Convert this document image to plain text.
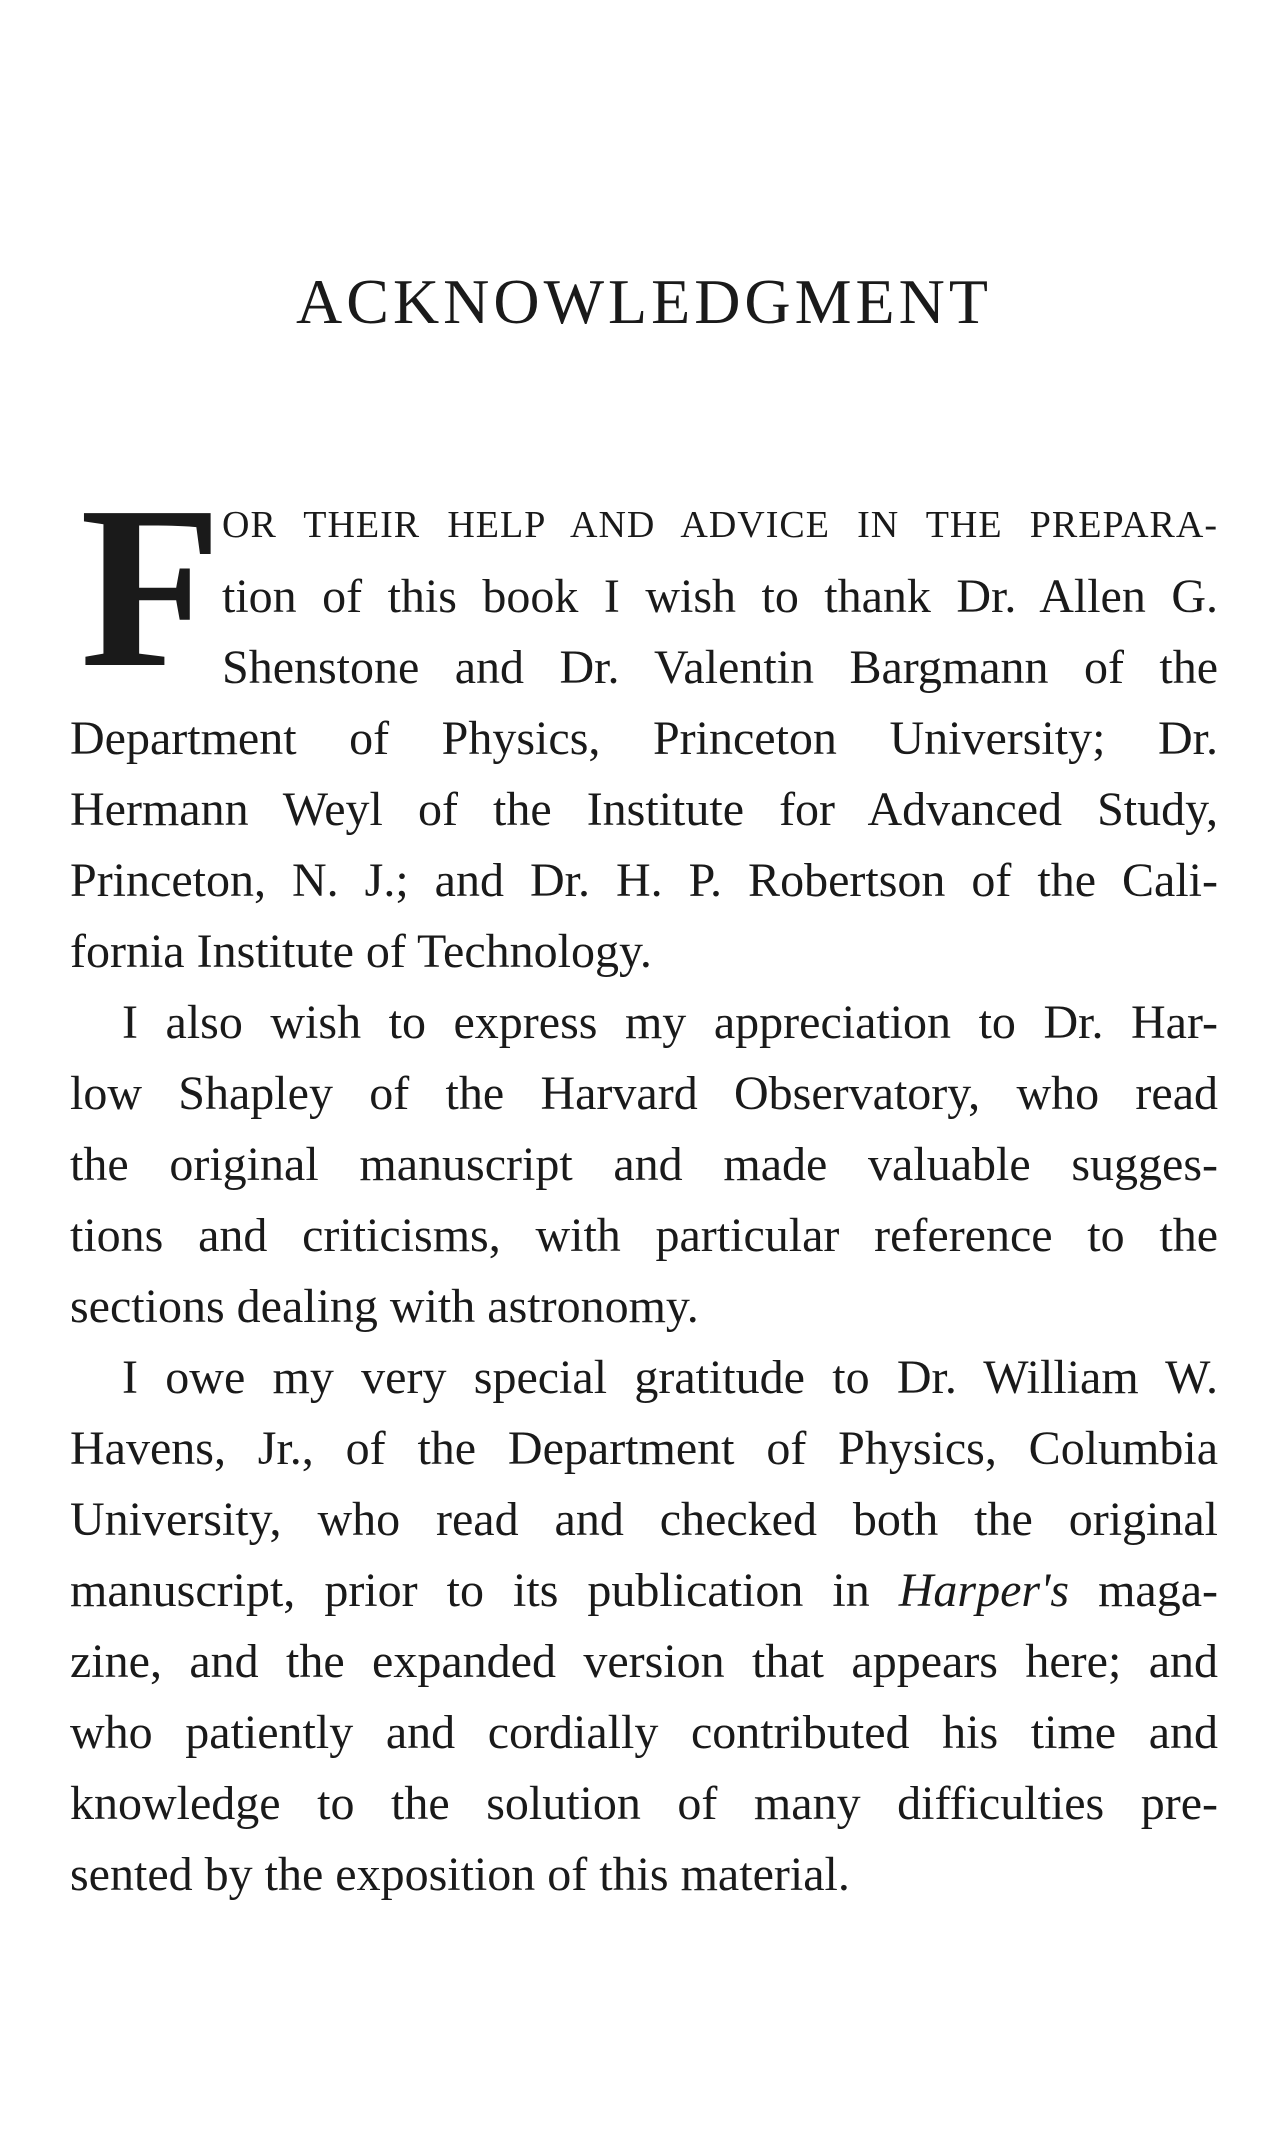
ACKNOWLEDGMENT
F OR THEIR HELP AND ADVICE IN THE PREPARA-
tion of this book I wish to thank Dr. Allen G.
Shenstone and Dr. Valentin Bargmann of the
Department of Physics, Princeton University; Dr.
Hermann Weyl of the Institute for Advanced Study,
Princeton, N. J.; and Dr. H. P. Robertson of the Cali-
fornia Institute of Technology.
I also wish to express my appreciation to Dr. Har-
low Shapley of the Harvard Observatory, who read
the original manuscript and made valuable sugges-
tions and criticisms, with particular reference to the
sections dealing with astronomy.
I owe my very special gratitude to Dr. William W.
Havens, Jr., of the Department of Physics, Columbia
University, who read and checked both the original
manuscript, prior to its publication in Harper's maga-
zine, and the expanded version that appears here; and
who patiently and cordially contributed his time and
knowledge to the solution of many difficulties pre-
sented by the exposition of this material.
